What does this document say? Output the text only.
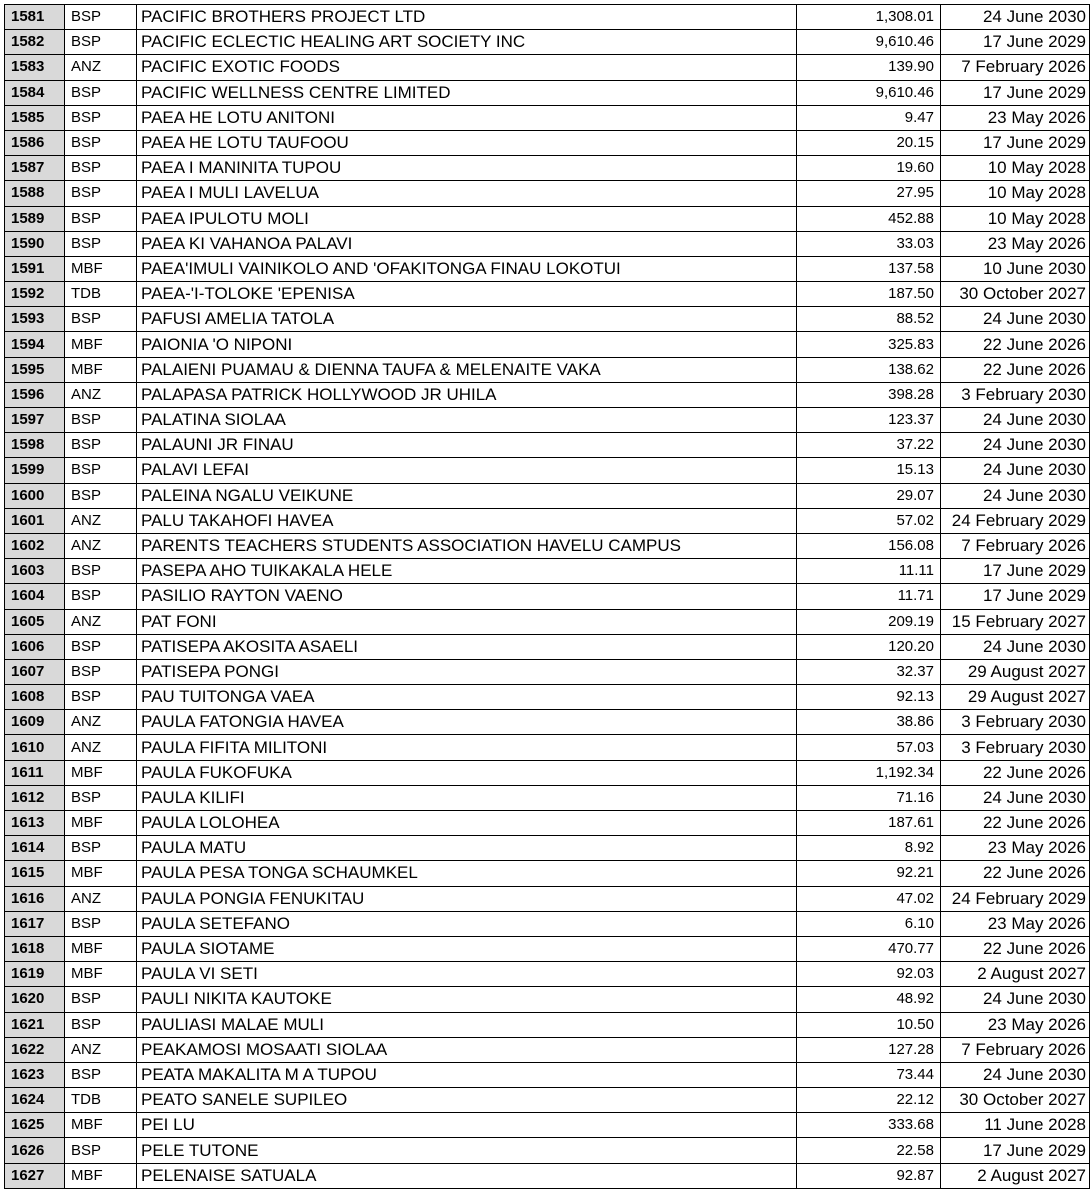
1581	BSP	PACIFIC BROTHERS PROJECT LTD	1,308.01	24 June 2030
1582	BSP	PACIFIC ECLECTIC HEALING ART SOCIETY INC	9,610.46	17 June 2029
1583	ANZ	PACIFIC EXOTIC FOODS	139.90	7 February 2026
1584	BSP	PACIFIC WELLNESS CENTRE LIMITED	9,610.46	17 June 2029
1585	BSP	PAEA HE LOTU ANITONI	9.47	23 May 2026
1586	BSP	PAEA HE LOTU TAUFOOU	20.15	17 June 2029
1587	BSP	PAEA I MANINITA TUPOU	19.60	10 May 2028
1588	BSP	PAEA I MULI LAVELUA	27.95	10 May 2028
1589	BSP	PAEA IPULOTU MOLI	452.88	10 May 2028
1590	BSP	PAEA KI VAHANOA PALAVI	33.03	23 May 2026
1591	MBF	PAEA'IMULI VAINIKOLO AND 'OFAKITONGA FINAU LOKOTUI	137.58	10 June 2030
1592	TDB	PAEA-'I-TOLOKE 'EPENISA	187.50	30 October 2027
1593	BSP	PAFUSI AMELIA TATOLA	88.52	24 June 2030
1594	MBF	PAIONIA 'O NIPONI	325.83	22 June 2026
1595	MBF	PALAIENI PUAMAU & DIENNA TAUFA & MELENAITE VAKA	138.62	22 June 2026
1596	ANZ	PALAPASA PATRICK HOLLYWOOD JR UHILA	398.28	3 February 2030
1597	BSP	PALATINA SIOLAA	123.37	24 June 2030
1598	BSP	PALAUNI JR FINAU	37.22	24 June 2030
1599	BSP	PALAVI LEFAI	15.13	24 June 2030
1600	BSP	PALEINA NGALU VEIKUNE	29.07	24 June 2030
1601	ANZ	PALU TAKAHOFI HAVEA	57.02	24 February 2029
1602	ANZ	PARENTS TEACHERS STUDENTS ASSOCIATION HAVELU CAMPUS	156.08	7 February 2026
1603	BSP	PASEPA AHO TUIKAKALA HELE	11.11	17 June 2029
1604	BSP	PASILIO RAYTON VAENO	11.71	17 June 2029
1605	ANZ	PAT FONI	209.19	15 February 2027
1606	BSP	PATISEPA AKOSITA ASAELI	120.20	24 June 2030
1607	BSP	PATISEPA PONGI	32.37	29 August 2027
1608	BSP	PAU TUITONGA VAEA	92.13	29 August 2027
1609	ANZ	PAULA FATONGIA HAVEA	38.86	3 February 2030
1610	ANZ	PAULA FIFITA MILITONI	57.03	3 February 2030
1611	MBF	PAULA FUKOFUKA	1,192.34	22 June 2026
1612	BSP	PAULA KILIFI	71.16	24 June 2030
1613	MBF	PAULA LOLOHEA	187.61	22 June 2026
1614	BSP	PAULA MATU	8.92	23 May 2026
1615	MBF	PAULA PESA TONGA SCHAUMKEL	92.21	22 June 2026
1616	ANZ	PAULA PONGIA FENUKITAU	47.02	24 February 2029
1617	BSP	PAULA SETEFANO	6.10	23 May 2026
1618	MBF	PAULA SIOTAME	470.77	22 June 2026
1619	MBF	PAULA VI SETI	92.03	2 August 2027
1620	BSP	PAULI NIKITA KAUTOKE	48.92	24 June 2030
1621	BSP	PAULIASI MALAE MULI	10.50	23 May 2026
1622	ANZ	PEAKAMOSI MOSAATI SIOLAA	127.28	7 February 2026
1623	BSP	PEATA MAKALITA M A TUPOU	73.44	24 June 2030
1624	TDB	PEATO SANELE SUPILEO	22.12	30 October 2027
1625	MBF	PEI LU	333.68	11 June 2028
1626	BSP	PELE TUTONE	22.58	17 June 2029
1627	MBF	PELENAISE SATUALA	92.87	2 August 2027
